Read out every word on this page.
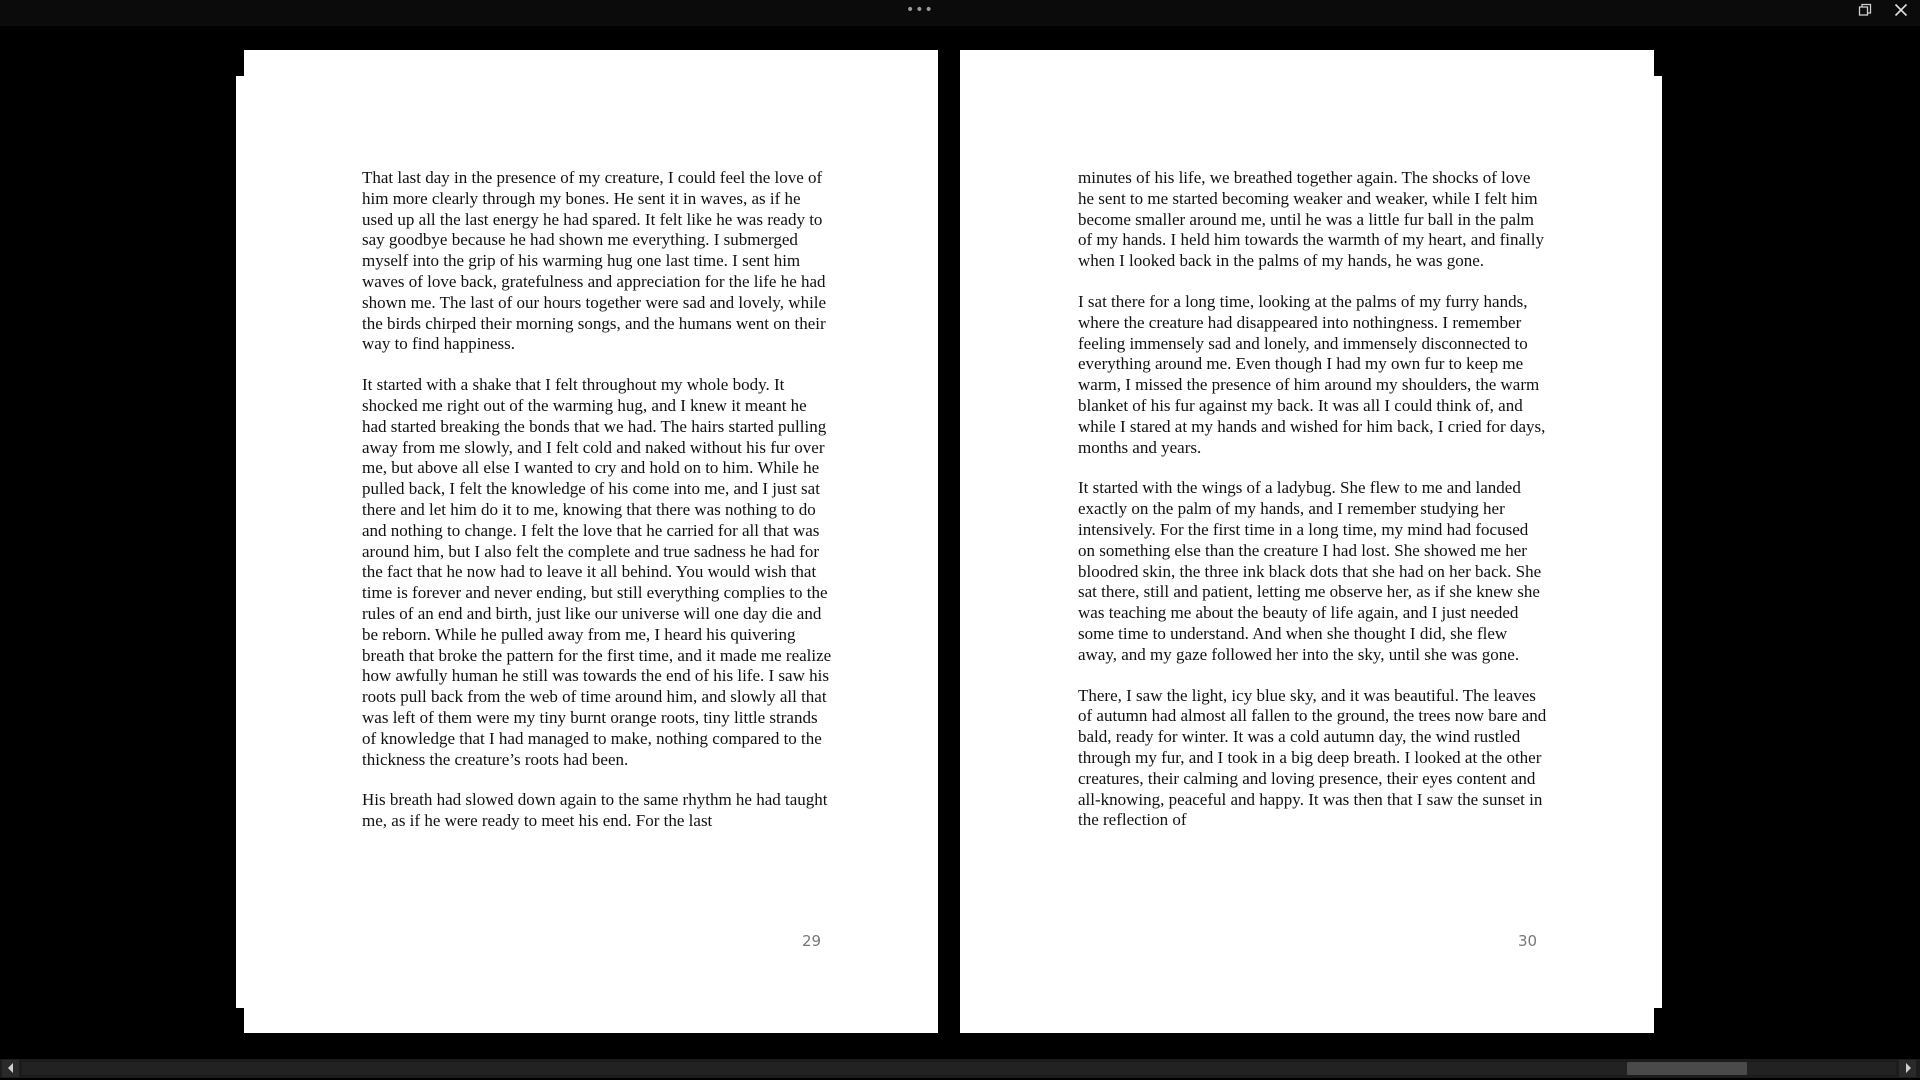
•••

That last day in the presence of my creature, I could feel the love of him more clearly through my bones. He sent it in waves, as if he used up all the last energy he had spared. It felt like he was ready to say goodbye because he had shown me everything. I submerged myself into the grip of his warming hug one last time. I sent him waves of love back, gratefulness and appreciation for the life he had shown me. The last of our hours together were sad and lovely, while the birds chirped their morning songs, and the humans went on their way to find happiness.

It started with a shake that I felt throughout my whole body. It shocked me right out of the warming hug, and I knew it meant he had started breaking the bonds that we had. The hairs started pulling away from me slowly, and I felt cold and naked without his fur over me, but above all else I wanted to cry and hold on to him. While he pulled back, I felt the knowledge of his come into me, and I just sat there and let him do it to me, knowing that there was nothing to do and nothing to change. I felt the love that he carried for all that was around him, but I also felt the complete and true sadness he had for the fact that he now had to leave it all behind. You would wish that time is forever and never ending, but still everything complies to the rules of an end and birth, just like our universe will one day die and be reborn. While he pulled away from me, I heard his quivering breath that broke the pattern for the first time, and it made me realize how awfully human he still was towards the end of his life. I saw his roots pull back from the web of time around him, and slowly all that was left of them were my tiny burnt orange roots, tiny little strands of knowledge that I had managed to make, nothing compared to the thickness the creature’s roots had been.

His breath had slowed down again to the same rhythm he had taught me, as if he were ready to meet his end. For the last

29

minutes of his life, we breathed together again. The shocks of love he sent to me started becoming weaker and weaker, while I felt him become smaller around me, until he was a little fur ball in the palm of my hands. I held him towards the warmth of my heart, and finally when I looked back in the palms of my hands, he was gone.

I sat there for a long time, looking at the palms of my furry hands, where the creature had disappeared into nothingness. I remember feeling immensely sad and lonely, and immensely disconnected to everything around me. Even though I had my own fur to keep me warm, I missed the presence of him around my shoulders, the warm blanket of his fur against my back. It was all I could think of, and while I stared at my hands and wished for him back, I cried for days, months and years.

It started with the wings of a ladybug. She flew to me and landed exactly on the palm of my hands, and I remember studying her intensively. For the first time in a long time, my mind had focused on something else than the creature I had lost. She showed me her bloodred skin, the three ink black dots that she had on her back. She sat there, still and patient, letting me observe her, as if she knew she was teaching me about the beauty of life again, and I just needed some time to understand. And when she thought I did, she flew away, and my gaze followed her into the sky, until she was gone.

There, I saw the light, icy blue sky, and it was beautiful. The leaves of autumn had almost all fallen to the ground, the trees now bare and bald, ready for winter. It was a cold autumn day, the wind rustled through my fur, and I took in a big deep breath. I looked at the other creatures, their calming and loving presence, their eyes content and all-knowing, peaceful and happy. It was then that I saw the sunset in the reflection of

30
